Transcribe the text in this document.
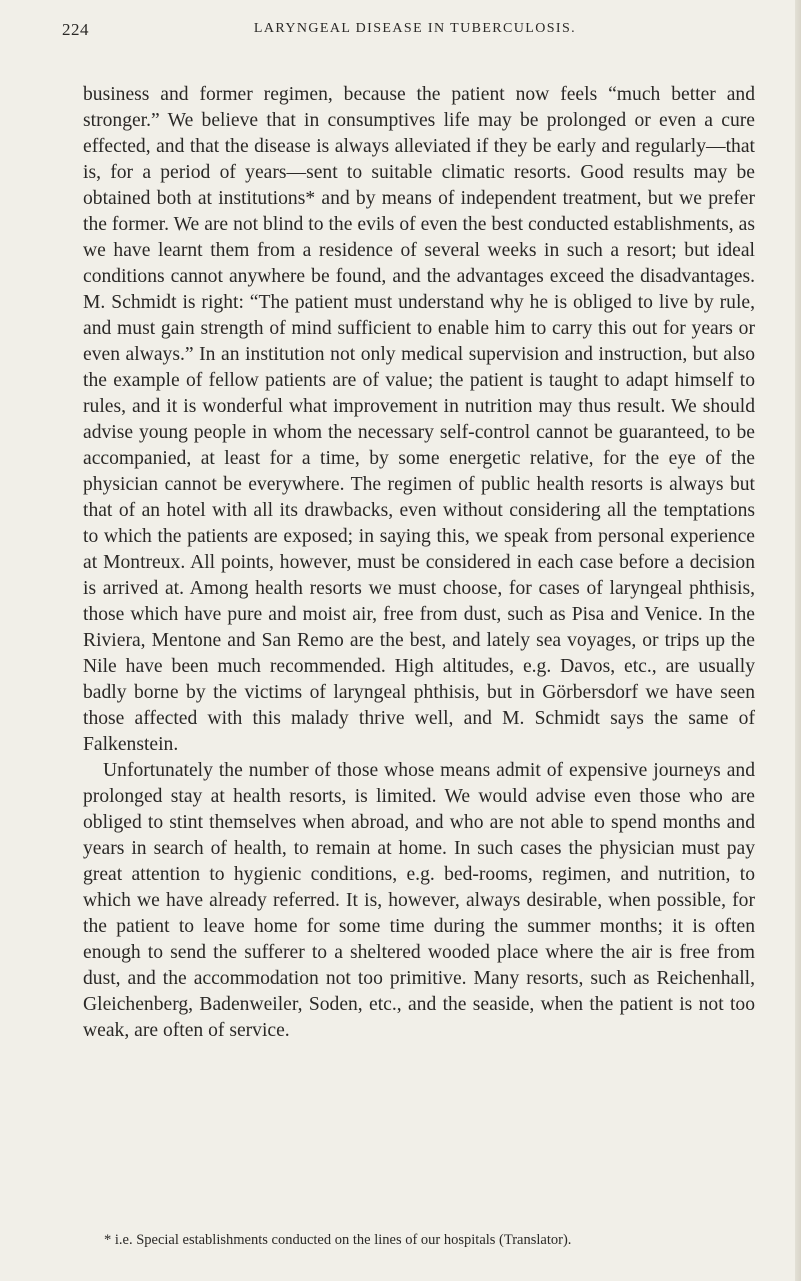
224	LARYNGEAL DISEASE IN TUBERCULOSIS.

business and former regimen, because the patient now feels “much better and stronger.” We believe that in consumptives life may be prolonged or even a cure effected, and that the disease is always alleviated if they be early and regularly—that is, for a period of years—sent to suitable climatic resorts. Good results may be obtained both at institutions* and by means of independent treatment, but we prefer the former. We are not blind to the evils of even the best conducted establishments, as we have learnt them from a residence of several weeks in such a resort; but ideal conditions cannot anywhere be found, and the advantages exceed the disadvantages. M. Schmidt is right: “The patient must understand why he is obliged to live by rule, and must gain strength of mind sufficient to enable him to carry this out for years or even always.” In an institution not only medical supervision and instruction, but also the example of fellow patients are of value; the patient is taught to adapt himself to rules, and it is wonderful what improvement in nutrition may thus result. We should advise young people in whom the necessary self-control cannot be guaranteed, to be accompanied, at least for a time, by some energetic relative, for the eye of the physician cannot be everywhere. The regimen of public health resorts is always but that of an hotel with all its drawbacks, even without considering all the temptations to which the patients are exposed; in saying this, we speak from personal experience at Montreux. All points, however, must be considered in each case before a decision is arrived at. Among health resorts we must choose, for cases of laryngeal phthisis, those which have pure and moist air, free from dust, such as Pisa and Venice. In the Riviera, Mentone and San Remo are the best, and lately sea voyages, or trips up the Nile have been much recommended. High altitudes, e.g. Davos, etc., are usually badly borne by the victims of laryngeal phthisis, but in Görbersdorf we have seen those affected with this malady thrive well, and M. Schmidt says the same of Falkenstein.

Unfortunately the number of those whose means admit of expensive journeys and prolonged stay at health resorts, is limited. We would advise even those who are obliged to stint themselves when abroad, and who are not able to spend months and years in search of health, to remain at home. In such cases the physician must pay great attention to hygienic conditions, e.g. bed-rooms, regimen, and nutrition, to which we have already referred. It is, however, always desirable, when possible, for the patient to leave home for some time during the summer months; it is often enough to send the sufferer to a sheltered wooded place where the air is free from dust, and the accommodation not too primitive. Many resorts, such as Reichenhall, Gleichenberg, Badenweiler, Soden, etc., and the seaside, when the patient is not too weak, are often of service.

* i.e. Special establishments conducted on the lines of our hospitals (Translator).
